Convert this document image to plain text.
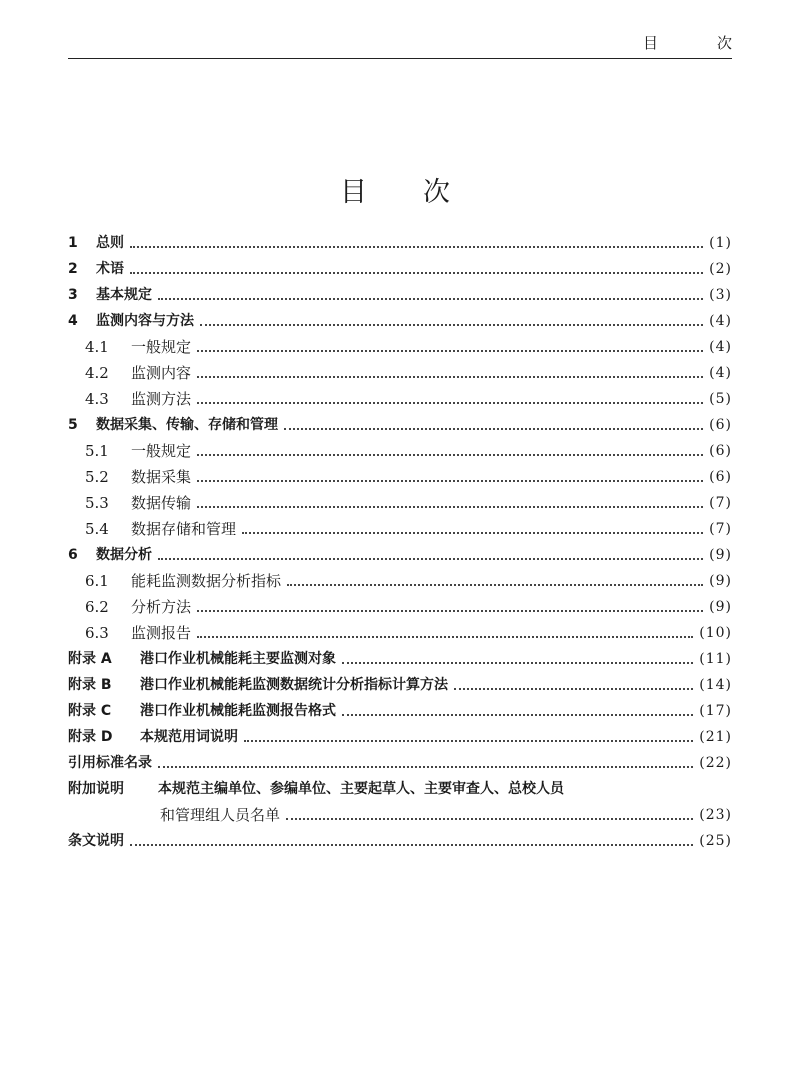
目　次
目次
1	总则	(1)
2	术语	(2)
3	基本规定	(3)
4	监测内容与方法	(4)
4.1	一般规定	(4)
4.2	监测内容	(4)
4.3	监测方法	(5)
5	数据采集、传输、存储和管理	(6)
5.1	一般规定	(6)
5.2	数据采集	(6)
5.3	数据传输	(7)
5.4	数据存储和管理	(7)
6	数据分析	(9)
6.1	能耗监测数据分析指标	(9)
6.2	分析方法	(9)
6.3	监测报告	(10)
附录 A	港口作业机械能耗主要监测对象	(11)
附录 B	港口作业机械能耗监测数据统计分析指标计算方法	(14)
附录 C	港口作业机械能耗监测报告格式	(17)
附录 D	本规范用词说明	(21)
引用标准名录	(22)
附加说明	本规范主编单位、参编单位、主要起草人、主要审查人、总校人员
和管理组人员名单	(23)
条文说明	(25)
